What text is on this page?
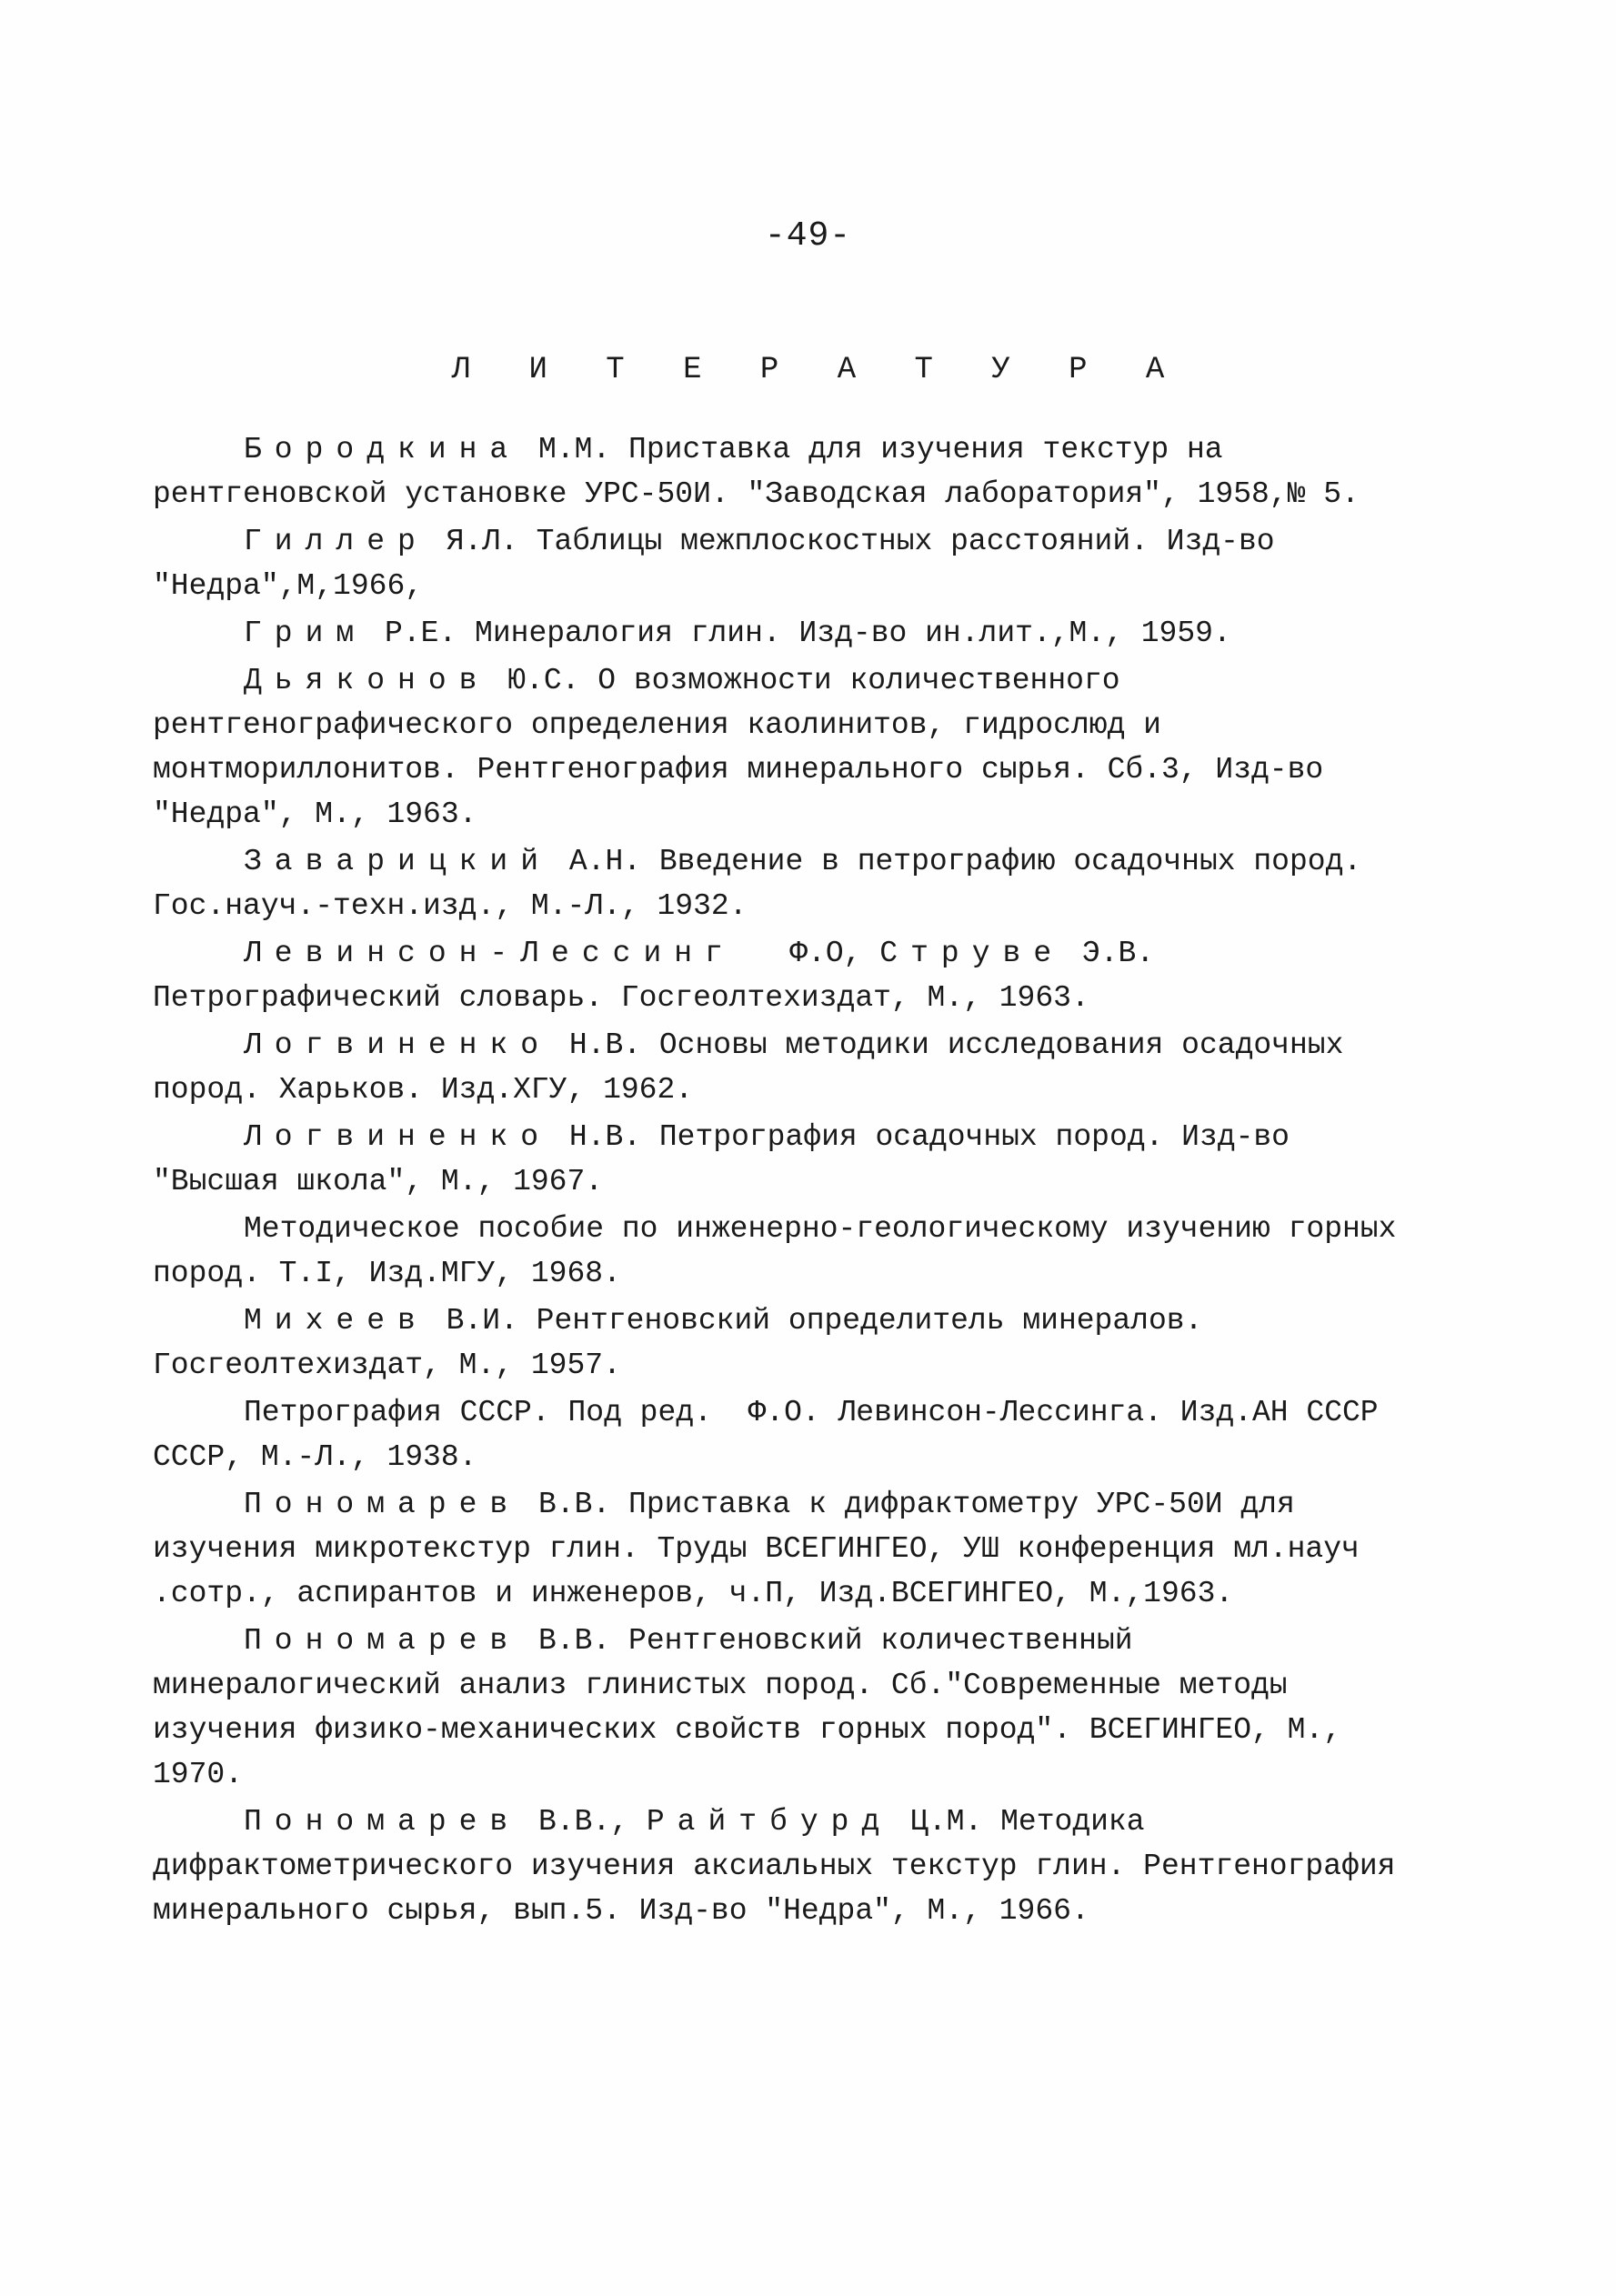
-49-
Л И Т Е Р А Т У Р А

Бородкина М.М. Приставка для изучения текстур на рентгеновской установке УРС-50И. "Заводская лаборатория", 1958,№ 5.

Гиллер Я.Л. Таблицы межплоскостных расстояний. Изд-во "Недра",М,1966,

Грим Р.Е. Минералогия глин. Изд-во ин.лит.,М., 1959.

Дьяконов Ю.С. О возможности количественного рентгенографического определения каолинитов, гидрослюд и монтмориллонитов. Рентгенография минерального сырья. Сб.3, Изд-во "Недра", М., 1963.

Заварицкий А.Н. Введение в петрографию осадочных пород. Гос.науч.-техн.изд., М.-Л., 1932.

Левинсон-Лессинг   Ф.О, Струве Э.В. Петрографический словарь. Госгеолтехиздат, М., 1963.

Логвиненко Н.В. Основы методики исследования осадочных пород. Харьков. Изд.ХГУ, 1962.

Логвиненко Н.В. Петрография осадочных пород. Изд-во "Высшая школа", М., 1967.

Методическое пособие по инженерно-геологическому изучению горных пород. Т.I, Изд.МГУ, 1968.

Михеев В.И. Рентгеновский определитель минералов. Госгеолтехиздат, М., 1957.

Петрография СССР. Под ред.  Ф.О. Левинсон-Лессинга. Изд.АН СССР СССР, М.-Л., 1938.

Пономарев В.В. Приставка к дифрактометру УРС-50И для изучения микротекстур глин. Труды ВСЕГИНГЕО, УШ конференция мл.науч .сотр., аспирантов и инженеров, ч.П, Изд.ВСЕГИНГЕО, М.,1963.

Пономарев В.В. Рентгеновский количественный минералогический анализ глинистых пород. Сб."Современные методы изучения физико-механических свойств горных пород". ВСЕГИНГЕО, М., 1970.

Пономарев В.В., Райтбурд Ц.М. Методика дифрактометрического изучения аксиальных текстур глин. Рентгенография минерального сырья, вып.5. Изд-во "Недра", М., 1966.
